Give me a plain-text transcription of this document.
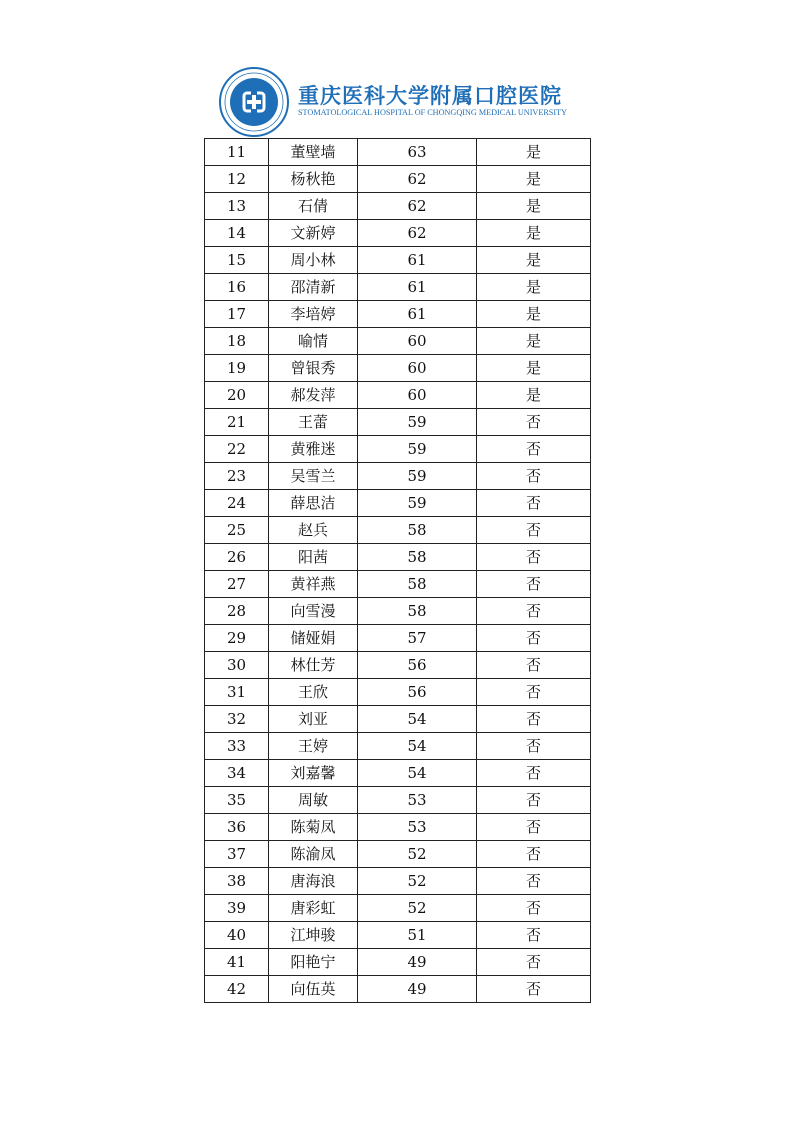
重庆医科大学附属口腔医院
STOMATOLOGICAL HOSPITAL OF CHONGQING MEDICAL UNIVERSITY
11	董壁墙	63	是
12	杨秋艳	62	是
13	石倩	62	是
14	文新婷	62	是
15	周小林	61	是
16	邵清新	61	是
17	李培婷	61	是
18	喻情	60	是
19	曾银秀	60	是
20	郝发萍	60	是
21	王蕾	59	否
22	黄雅迷	59	否
23	吴雪兰	59	否
24	薛思洁	59	否
25	赵兵	58	否
26	阳茜	58	否
27	黄祥燕	58	否
28	向雪漫	58	否
29	储娅娟	57	否
30	林仕芳	56	否
31	王欣	56	否
32	刘亚	54	否
33	王婷	54	否
34	刘嘉馨	54	否
35	周敏	53	否
36	陈菊凤	53	否
37	陈渝凤	52	否
38	唐海浪	52	否
39	唐彩虹	52	否
40	江坤骏	51	否
41	阳艳宁	49	否
42	向伍英	49	否
